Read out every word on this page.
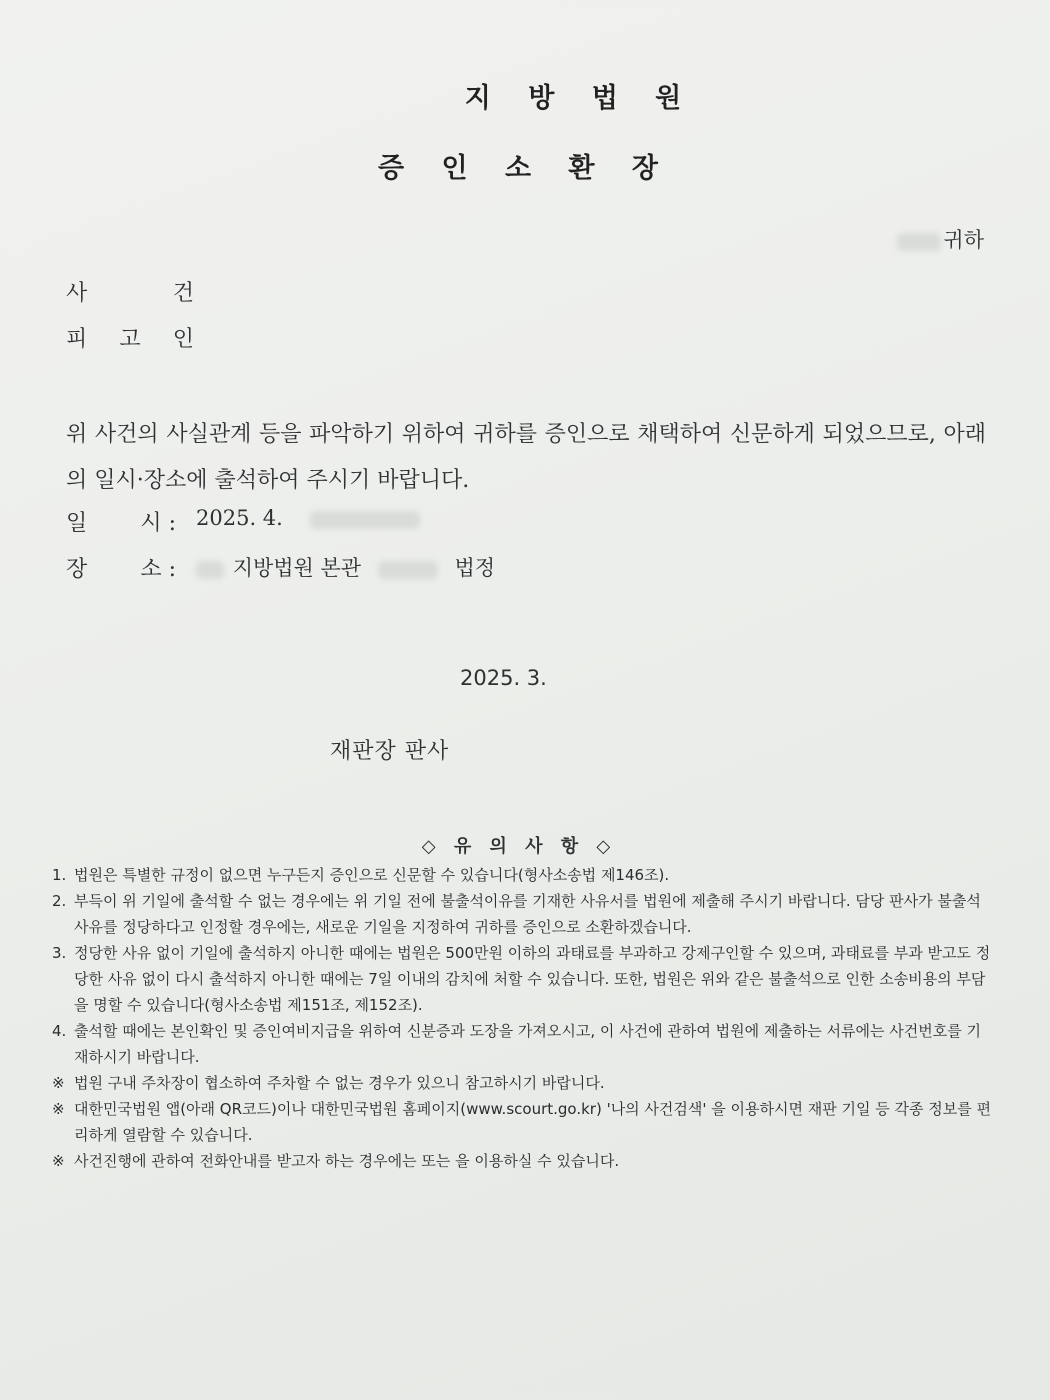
지 방 법 원
증 인 소 환 장
귀하
사	건
피 고 인
위 사건의 사실관계 등을 파악하기 위하여 귀하를 증인으로 채택하여 신문하게 되었으므로, 아래의 일시·장소에 출석하여 주시기 바랍니다.
일 시 : 2025. 4.
장 소 :	지방법원 본관	법정
2025. 3.
재판장 판사
◇ 유 의 사 항 ◇
1. 법원은 특별한 규정이 없으면 누구든지 증인으로 신문할 수 있습니다(형사소송법 제146조).
2. 부득이 위 기일에 출석할 수 없는 경우에는 위 기일 전에 불출석이유를 기재한 사유서를 법원에 제출해 주시기 바랍니다. 담당 판사가 불출석 사유를 정당하다고 인정할 경우에는, 새로운 기일을 지정하여 귀하를 증인으로 소환하겠습니다.
3. 정당한 사유 없이 기일에 출석하지 아니한 때에는 법원은 500만원 이하의 과태료를 부과하고 강제구인할 수 있으며, 과태료를 부과 받고도 정당한 사유 없이 다시 출석하지 아니한 때에는 7일 이내의 감치에 처할 수 있습니다. 또한, 법원은 위와 같은 불출석으로 인한 소송비용의 부담을 명할 수 있습니다(형사소송법 제151조, 제152조).
4. 출석할 때에는 본인확인 및 증인여비지급을 위하여 신분증과 도장을 가져오시고, 이 사건에 관하여 법원에 제출하는 서류에는 사건번호를 기재하시기 바랍니다.
※ 법원 구내 주차장이 협소하여 주차할 수 없는 경우가 있으니 참고하시기 바랍니다.
※ 대한민국법원 앱(아래 QR코드)이나 대한민국법원 홈페이지(www.scourt.go.kr) '나의 사건검색' 을 이용하시면 재판 기일 등 각종 정보를 편리하게 열람할 수 있습니다.
※ 사건진행에 관하여 전화안내를 받고자 하는 경우에는 또는 을 이용하실 수 있습니다.
